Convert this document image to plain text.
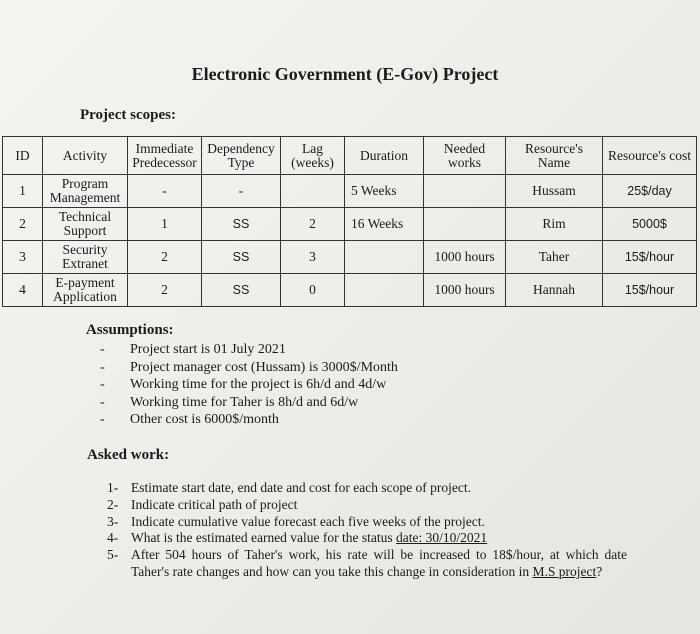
Electronic Government (E-Gov) Project
Project scopes:
ID	Activity	Immediate Predecessor	Dependency Type	Lag (weeks)	Duration	Needed works	Resource's Name	Resource's cost
1	Program Management	-	-		5 Weeks		Hussam	25$/day
2	Technical Support	1	SS	2	16 Weeks		Rim	5000$
3	Security Extranet	2	SS	3		1000 hours	Taher	15$/hour
4	E-payment Application	2	SS	0		1000 hours	Hannah	15$/hour
Assumptions:
- Project start is 01 July 2021
- Project manager cost (Hussam) is 3000$/Month
- Working time for the project is 6h/d and 4d/w
- Working time for Taher is 8h/d and 6d/w
- Other cost is 6000$/month
Asked work:
1- Estimate start date, end date and cost for each scope of project.
2- Indicate critical path of project
3- Indicate cumulative value forecast each five weeks of the project.
4- What is the estimated earned value for the status date: 30/10/2021
5- After 504 hours of Taher's work, his rate will be increased to 18$/hour, at which date Taher's rate changes and how can you take this change in consideration in M.S project?
